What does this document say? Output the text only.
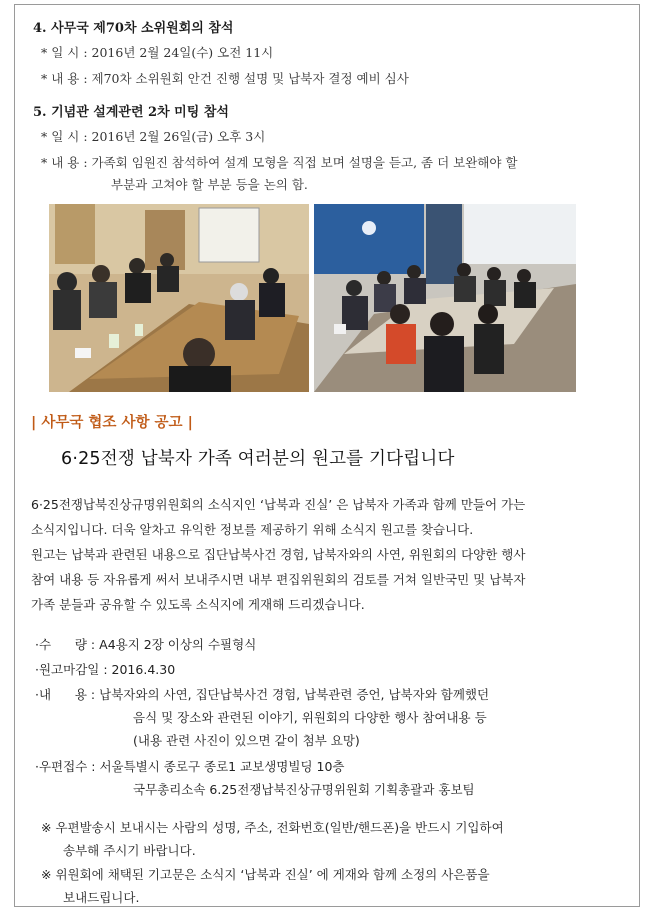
4. 사무국 제70차 소위원회의 참석
* 일 시 : 2016년 2월 24일(수) 오전 11시
* 내 용 : 제70차 소위원회 안건 진행 설명 및 납북자 결정 예비 심사
5. 기념관 설계관련 2차 미팅 참석
* 일 시 : 2016년 2월 26일(금) 오후 3시
* 내 용 : 가족회 임원진 참석하여 설계 모형을 직접 보며 설명을 듣고, 좀 더 보완해야 할
부분과 고쳐야 할 부분 등을 논의 함.
| 사무국 협조 사항 공고 |
6·25전쟁 납북자 가족 여러분의 원고를 기다립니다
6·25전쟁납북진상규명위원회의 소식지인 ‘납북과 진실’ 은 납북자 가족과 함께 만들어 가는
소식지입니다. 더욱 알차고 유익한 정보를 제공하기 위해 소식지 원고를 찾습니다.
원고는 납북과 관련된 내용으로 집단납북사건 경험, 납북자와의 사연, 위원회의 다양한 행사
참여 내용 등 자유롭게 써서 보내주시면 내부 편집위원회의 검토를 거쳐 일반국민 및 납북자
가족 분들과 공유할 수 있도록 소식지에 게재해 드리겠습니다.
·수      량 : A4용지 2장 이상의 수필형식
·원고마감일 : 2016.4.30
·내      용 : 납북자와의 사연, 집단납북사건 경험, 납북관련 증언, 납북자와 함께했던
음식 및 장소와 관련된 이야기, 위원회의 다양한 행사 참여내용 등
(내용 관련 사진이 있으면 같이 첨부 요망)
·우편접수 : 서울특별시 종로구 종로1 교보생명빌딩 10층
국무총리소속 6.25전쟁납북진상규명위원회 기획총괄과 홍보팀
※ 우편발송시 보내시는 사람의 성명, 주소, 전화번호(일반/핸드폰)을 반드시 기입하여
송부해 주시기 바랍니다.
※ 위원회에 채택된 기고문은 소식지 ‘납북과 진실’ 에 게재와 함께 소정의 사은품을
보내드립니다.
